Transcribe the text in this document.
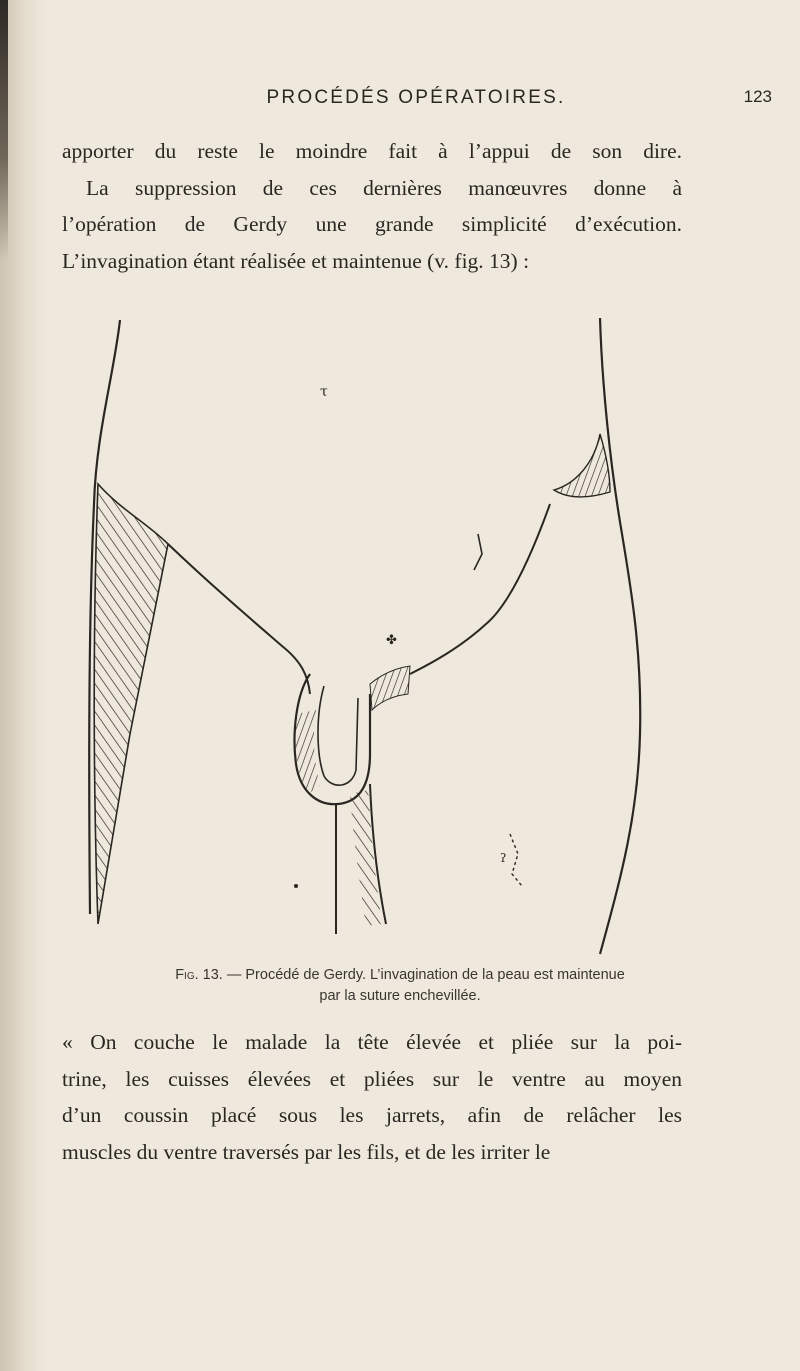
PROCÉDÉS OPÉRATOIRES.	123
apporter du reste le moindre fait à l’appui de son dire.
La suppression de ces dernières manœuvres donne à
l’opération de Gerdy une grande simplicité d’exécution.
L’invagination étant réalisée et maintenue (v. fig. 13) :
τ
✤
ʔ
Fig. 13. — Procédé de Gerdy. L’invagination de la peau est maintenue
par la suture enchevillée.
« On couche le malade la tête élevée et pliée sur la poi-
trine, les cuisses élevées et pliées sur le ventre au moyen
d’un coussin placé sous les jarrets, afin de relâcher les
muscles du ventre traversés par les fils, et de les irriter le
